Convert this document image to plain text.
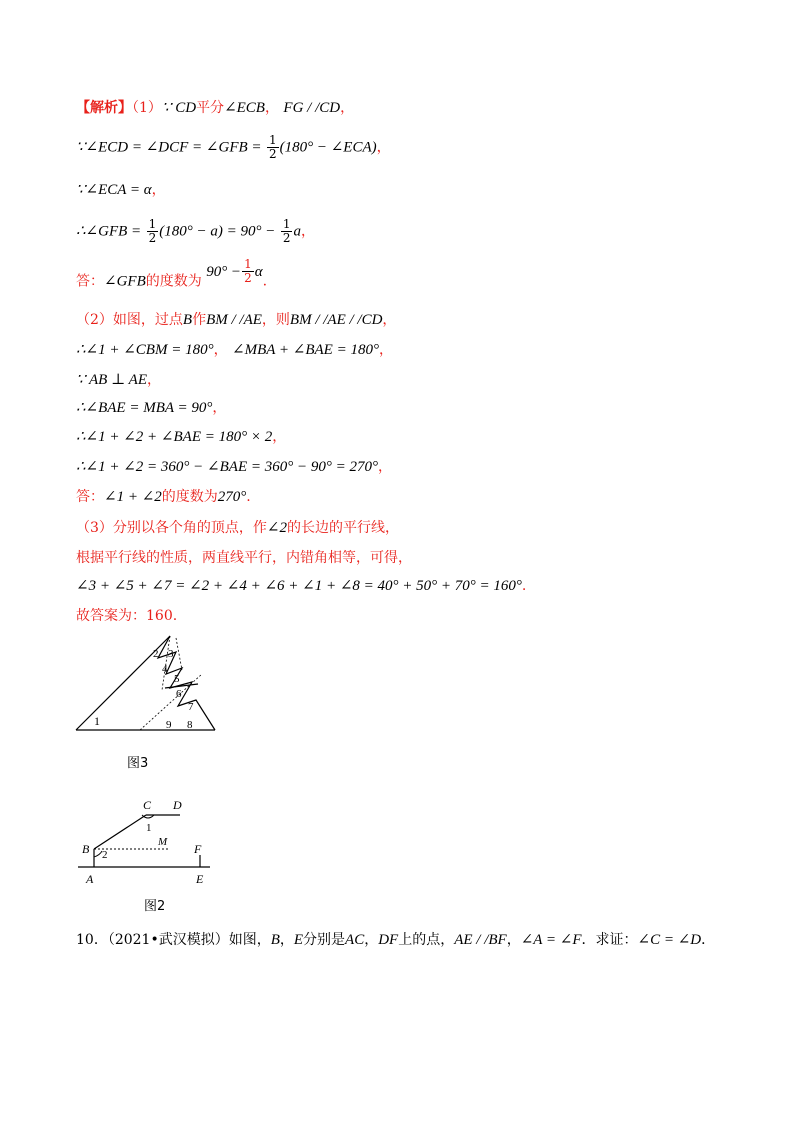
【解析】（1）∵ CD平分∠ECB， FG / /CD，
∵∠ECD = ∠DCF = ∠GFB = $\frac{1}{2} (180^\circ$ − ∠ECA)，
∵∠ECA = α，
∴∠GFB = $\frac{1}{2} (180^\circ - a) = 90^\circ - \frac{1}{2}$ a，
答：∠GFB的度数为 $90^\circ - \frac{1}{2} \alpha$.
（2）如图，过点B作BM / /AE，则BM / /AE / /CD，
∴∠1 + ∠CBM = 180°， ∠MBA + ∠BAE = 180°，
∵ AB ⊥ AE，
∴∠BAE = MBA = 90°，
∴∠1 + ∠2 + ∠BAE = 180° × 2，
∴∠1 + ∠2 = 360° − ∠BAE = 360° − 90° = 270°，
答：∠1 + ∠2的度数为270°.
（3）分别以各个角的顶点，作∠2的长边的平行线，
根据平行线的性质，两直线平行，内错角相等，可得，
∠3 + ∠5 + ∠7 = ∠2 + ∠4 + ∠6 + ∠1 + ∠8 = 40° + 50° + 70° = 160°.
故答案为：160.
1
2 3
4
5
6
7
9 8
图3
C D
1
M
B 2	F
A	E
图2
10．（2021•武汉模拟）如图，B，E分别是AC，DF上的点，AE / /BF，∠A = ∠F．求证：∠C = ∠D．
